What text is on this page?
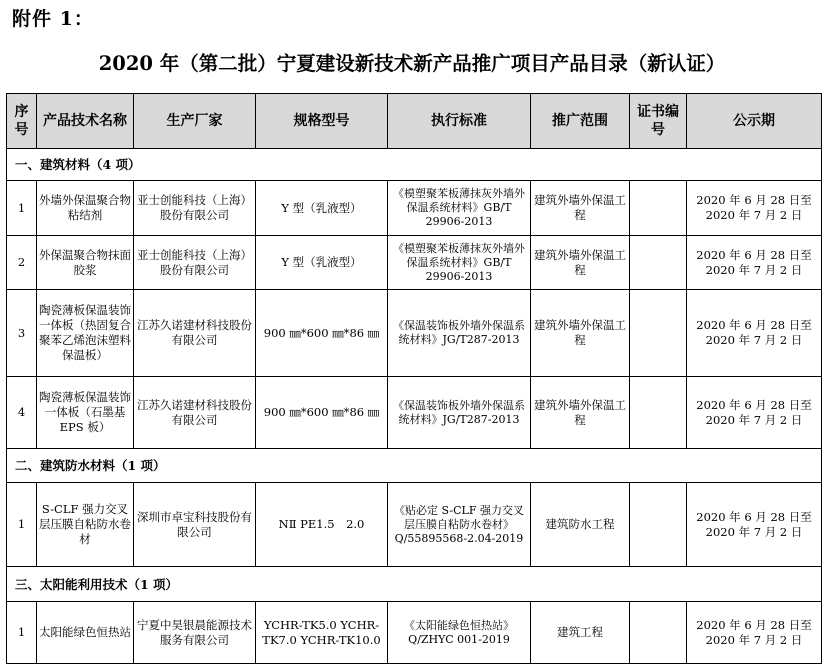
附件 1：
2020 年（第二批）宁夏建设新技术新产品推广项目产品目录（新认证）
序号	产品技术名称	生产厂家	规格型号	执行标准	推广范围	证书编号	公示期
一、建筑材料（4 项）							
1	外墙外保温聚合物粘结剂	亚士创能科技（上海）股份有限公司	Y 型（乳液型）	《模塑聚苯板薄抹灰外墙外保温系统材料》GB/T 29906-2013	建筑外墙外保温工程		2020 年 6 月 28 日至 2020 年 7 月 2 日
2	外保温聚合物抹面胶浆	亚士创能科技（上海）股份有限公司	Y 型（乳液型）	《模塑聚苯板薄抹灰外墙外保温系统材料》GB/T 29906-2013	建筑外墙外保温工程		2020 年 6 月 28 日至 2020 年 7 月 2 日
3	陶瓷薄板保温装饰一体板（热固复合聚苯乙烯泡沫塑料保温板）	江苏久诺建材科技股份有限公司	900 ㎜*600 ㎜*86 ㎜	《保温装饰板外墙外保温系统材料》JG/T287-2013	建筑外墙外保温工程		2020 年 6 月 28 日至 2020 年 7 月 2 日
4	陶瓷薄板保温装饰一体板（石墨基 EPS 板）	江苏久诺建材科技股份有限公司	900 ㎜*600 ㎜*86 ㎜	《保温装饰板外墙外保温系统材料》JG/T287-2013	建筑外墙外保温工程		2020 年 6 月 28 日至 2020 年 7 月 2 日
二、建筑防水材料（1 项）							
1	S-CLF 强力交叉层压膜自粘防水卷材	深圳市卓宝科技股份有限公司	NⅡ PE1.5　2.0	《贴必定 S-CLF 强力交叉层压膜自粘防水卷材》Q/55895568-2.04-2019	建筑防水工程		2020 年 6 月 28 日至 2020 年 7 月 2 日
三、太阳能利用技术（1 项）							
1	太阳能绿色恒热站	宁夏中昊银晨能源技术服务有限公司	YCHR-TK5.0 YCHR-TK7.0 YCHR-TK10.0	《太阳能绿色恒热站》Q/ZHYC 001-2019	建筑工程		2020 年 6 月 28 日至 2020 年 7 月 2 日
